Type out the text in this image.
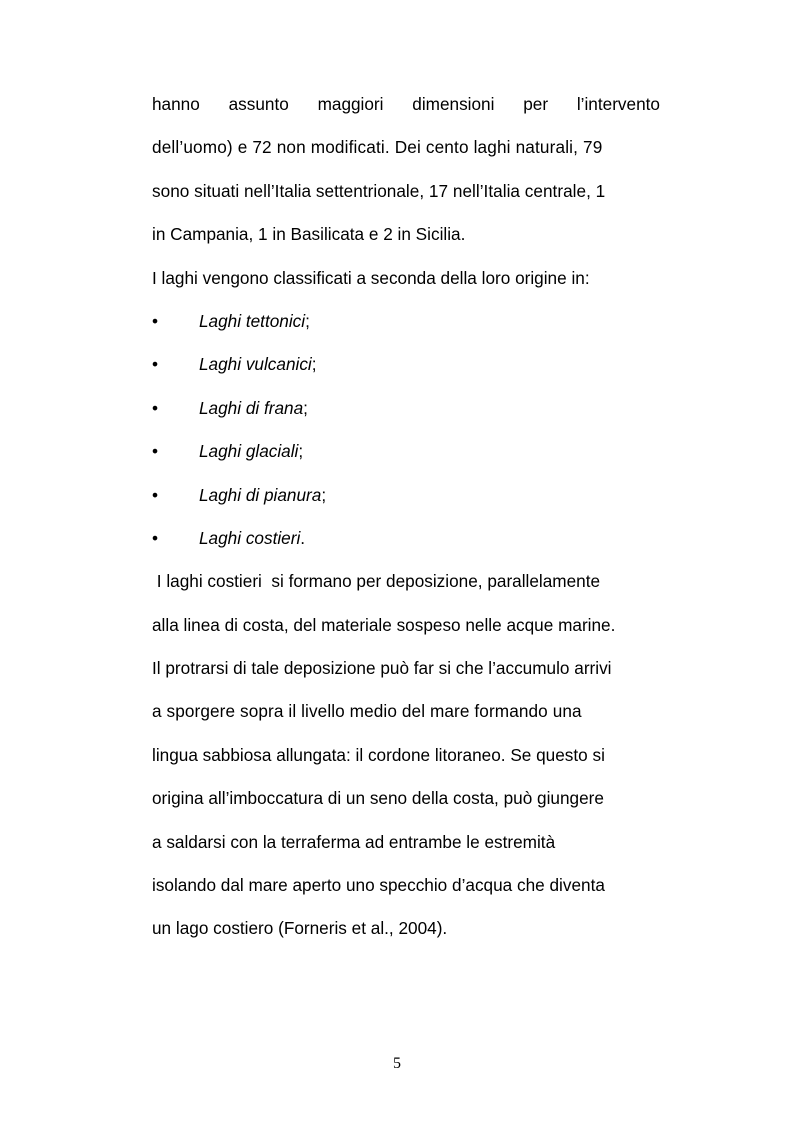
hanno assunto maggiori dimensioni per l’intervento
dell’uomo) e 72 non modificati. Dei cento laghi naturali, 79
sono situati nell’Italia settentrionale, 17 nell’Italia centrale, 1
in Campania, 1 in Basilicata e 2 in Sicilia.
I laghi vengono classificati a seconda della loro origine in:
•	Laghi tettonici ;
•	Laghi vulcanici ;
•	Laghi di frana ;
•	Laghi glaciali ;
•	Laghi di pianura ;
•	Laghi costieri .
I laghi costieri  si formano per deposizione, parallelamente
alla linea di costa, del materiale sospeso nelle acque marine.
Il protrarsi di tale deposizione può far si che l’accumulo arrivi
a sporgere sopra il livello medio del mare formando una
lingua sabbiosa allungata: il cordone litoraneo. Se questo si
origina all’imboccatura di un seno della costa, può giungere
a saldarsi con la terraferma ad entrambe le estremità
isolando dal mare aperto uno specchio d’acqua che diventa
un lago costiero (Forneris et al., 2004).
5
